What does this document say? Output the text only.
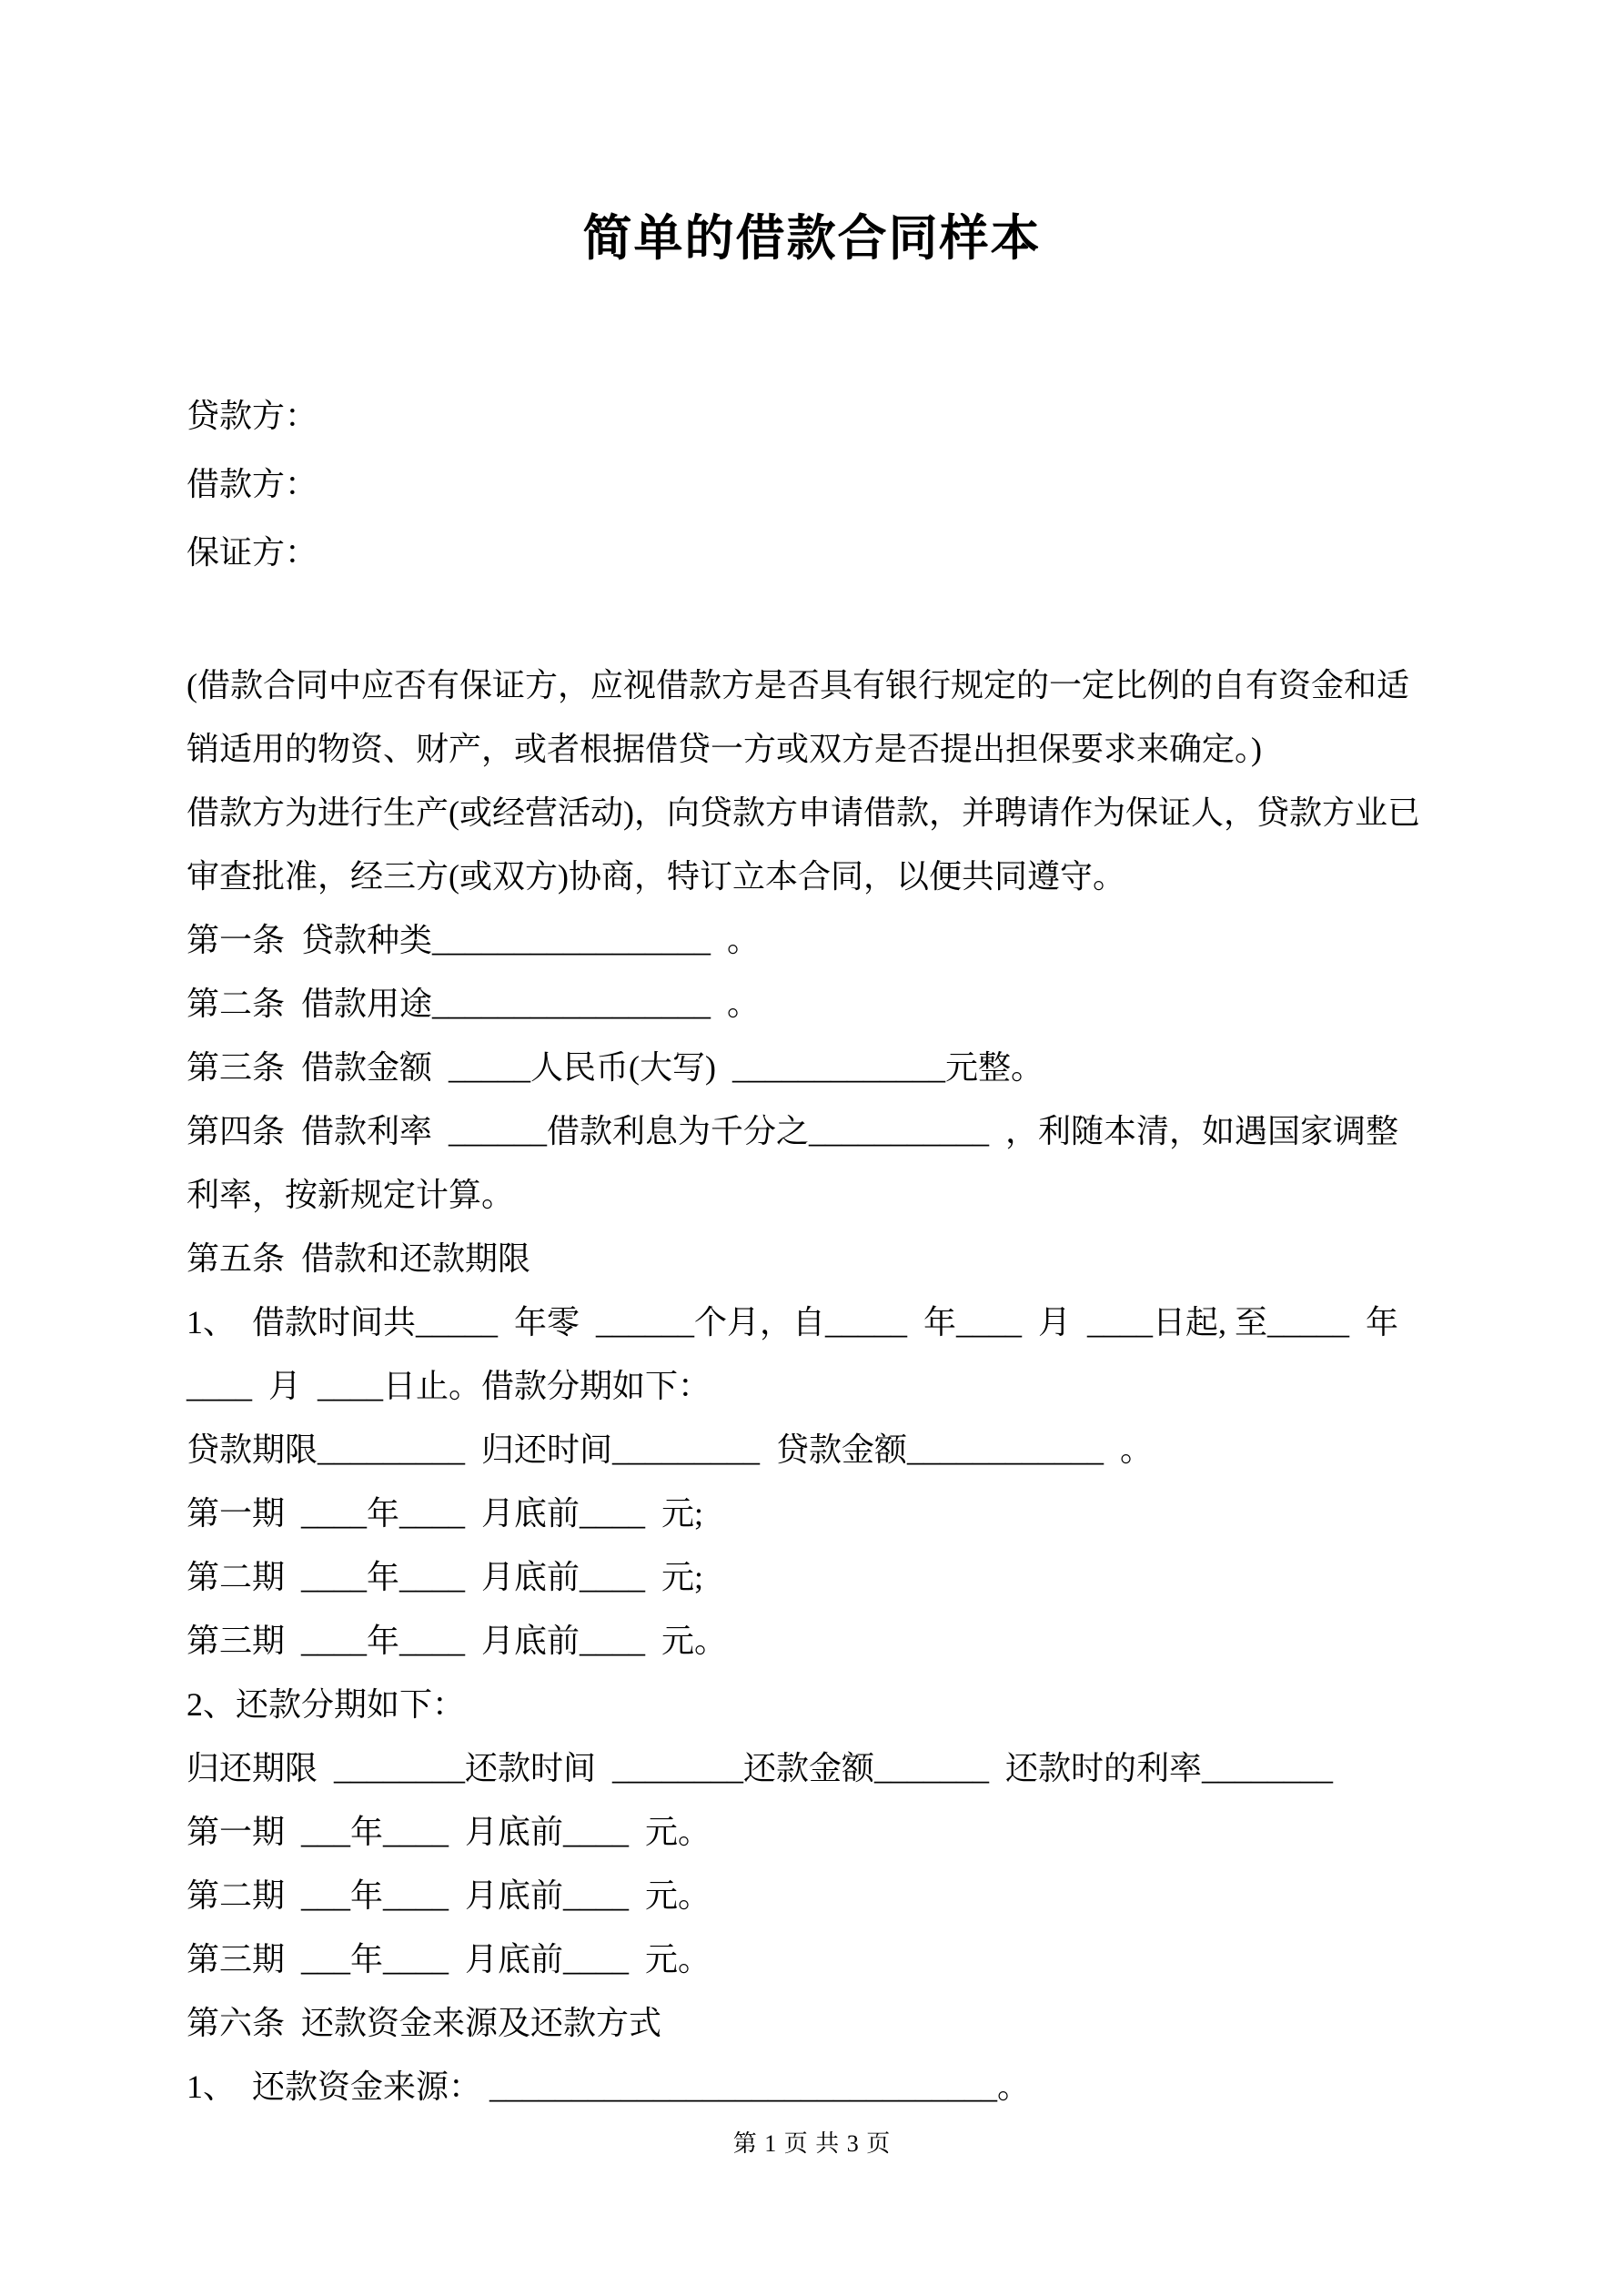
简单的借款合同样本

贷款方：

借款方：

保证方：

(借款合同中应否有保证方，应视借款方是否具有银行规定的一定比例的自有资金和适

销适用的物资、财产，或者根据借贷一方或双方是否提出担保要求来确定。)

借款方为进行生产(或经营活动)，向贷款方申请借款，并聘请作为保证人，贷款方业已

审查批准，经三方(或双方)协商，特订立本合同，以便共同遵守。

第一条  贷款种类_________________  。

第二条  借款用途_________________  。

第三条  借款金额  _____人民币(大写)  _____________元整。

第四条  借款利率  ______借款利息为千分之___________  ，利随本清，如遇国家调整

利率，按新规定计算。

第五条  借款和还款期限

1、  借款时间共_____  年零  ______个月，自_____  年____  月  ____日起, 至_____  年

____  月  ____日止。借款分期如下：

贷款期限_________  归还时间_________  贷款金额____________  。

第一期  ____年____  月底前____  元;

第二期  ____年____  月底前____  元;

第三期  ____年____  月底前____  元。

2、还款分期如下：

归还期限  ________还款时间  ________还款金额_______  还款时的利率________

第一期  ___年____  月底前____  元。

第二期  ___年____  月底前____  元。

第三期  ___年____  月底前____  元。

第六条  还款资金来源及还款方式

1、  还款资金来源： _______________________________。

第 1 页 共 3 页
